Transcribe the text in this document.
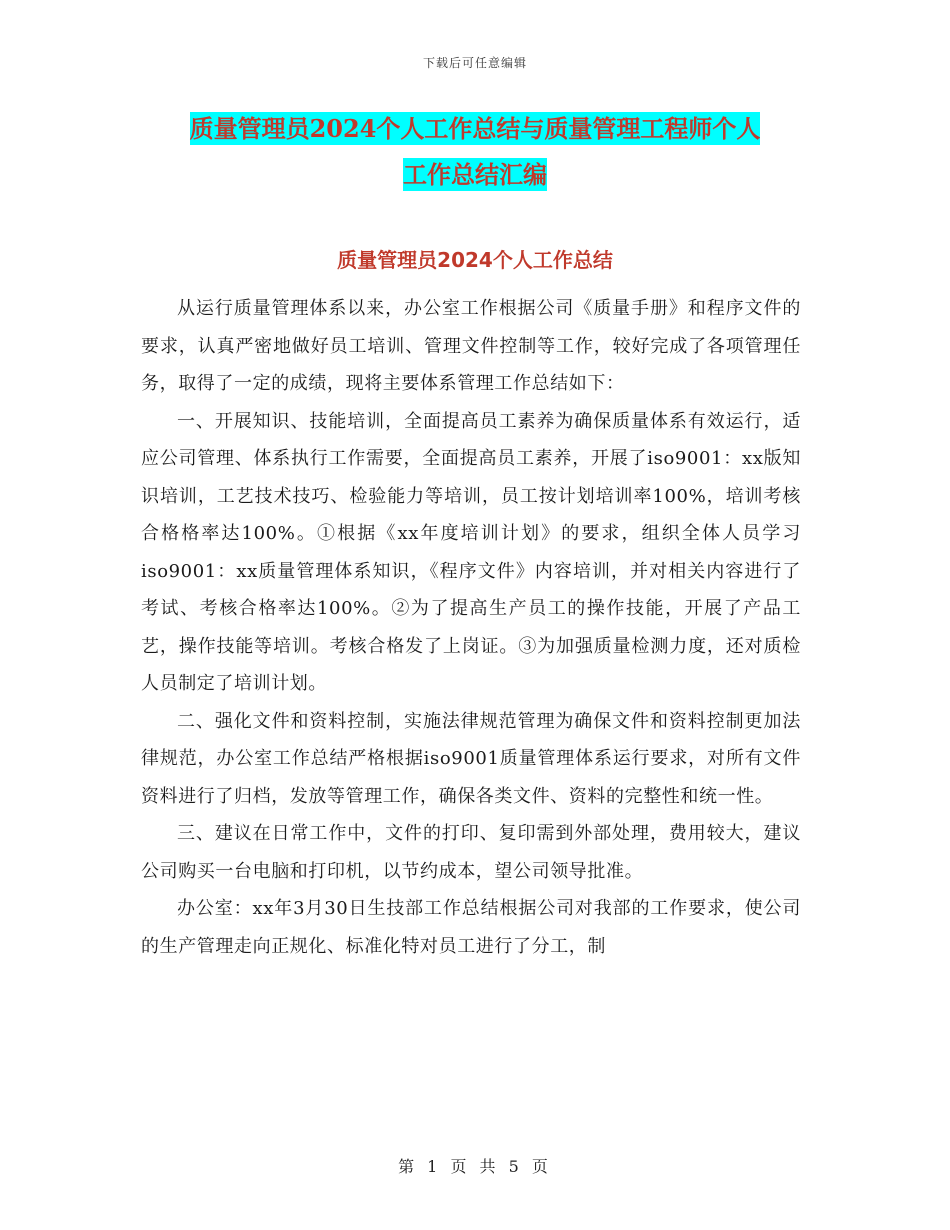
下载后可任意编辑
质量管理员2024个人工作总结与质量管理工程师个人
工作总结汇编
质量管理员2024个人工作总结

从运行质量管理体系以来，办公室工作根据公司《质量手册》和程序文件的要求，认真严密地做好员工培训、管理文件控制等工作，较好完成了各项管理任务，取得了一定的成绩，现将主要体系管理工作总结如下：

一、开展知识、技能培训，全面提高员工素养为确保质量体系有效运行，适应公司管理、体系执行工作需要，全面提高员工素养，开展了iso9001：xx版知识培训，工艺技术技巧、检验能力等培训，员工按计划培训率100%，培训考核合格格率达100%。①根据《xx年度培训计划》的要求，组织全体人员学习iso9001：xx质量管理体系知识，《程序文件》内容培训，并对相关内容进行了考试、考核合格率达100%。②为了提高生产员工的操作技能，开展了产品工艺，操作技能等培训。考核合格发了上岗证。③为加强质量检测力度，还对质检人员制定了培训计划。

二、强化文件和资料控制，实施法律规范管理为确保文件和资料控制更加法律规范，办公室工作总结严格根据iso9001质量管理体系运行要求，对所有文件资料进行了归档，发放等管理工作，确保各类文件、资料的完整性和统一性。

三、建议在日常工作中，文件的打印、复印需到外部处理，费用较大，建议公司购买一台电脑和打印机，以节约成本，望公司领导批准。

办公室：xx年3月30日生技部工作总结根据公司对我部的工作要求，使公司的生产管理走向正规化、标准化特对员工进行了分工，制

第 1 页 共 5 页
